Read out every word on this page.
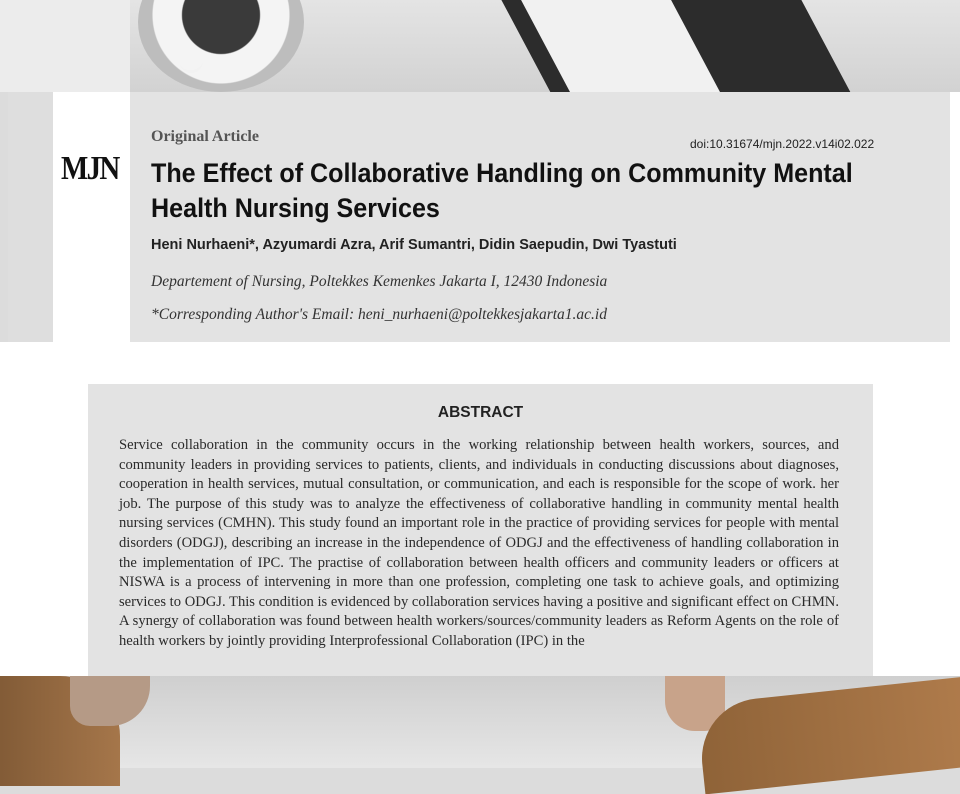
MJN
Original Article	doi:10.31674/mjn.2022.v14i02.022
The Effect of Collaborative Handling on Community Mental
Health Nursing Services
Heni Nurhaeni*, Azyumardi Azra, Arif Sumantri, Didin Saepudin, Dwi Tyastuti
Departement of Nursing, Poltekkes Kemenkes Jakarta I, 12430 Indonesia
*Corresponding Author's Email: heni_nurhaeni@poltekkesjakarta1.ac.id
ABSTRACT
Service collaboration in the community occurs in the working relationship between health workers, sources, and community leaders in providing services to patients, clients, and individuals in conducting discussions about diagnoses, cooperation in health services, mutual consultation, or communication, and each is responsible for the scope of work. her job. The purpose of this study was to analyze the effectiveness of collaborative handling in community mental health nursing services (CMHN). This study found an important role in the practice of providing services for people with mental disorders (ODGJ), describing an increase in the independence of ODGJ and the effectiveness of handling collaboration in the implementation of IPC. The practise of collaboration between health officers and community leaders or officers at NISWA is a process of intervening in more than one profession, completing one task to achieve goals, and optimizing services to ODGJ. This condition is evidenced by collaboration services having a positive and significant effect on CHMN. A synergy of collaboration was found between health workers/sources/community leaders as Reform Agents on the role of health workers by jointly providing Interprofessional Collaboration (IPC) in the
